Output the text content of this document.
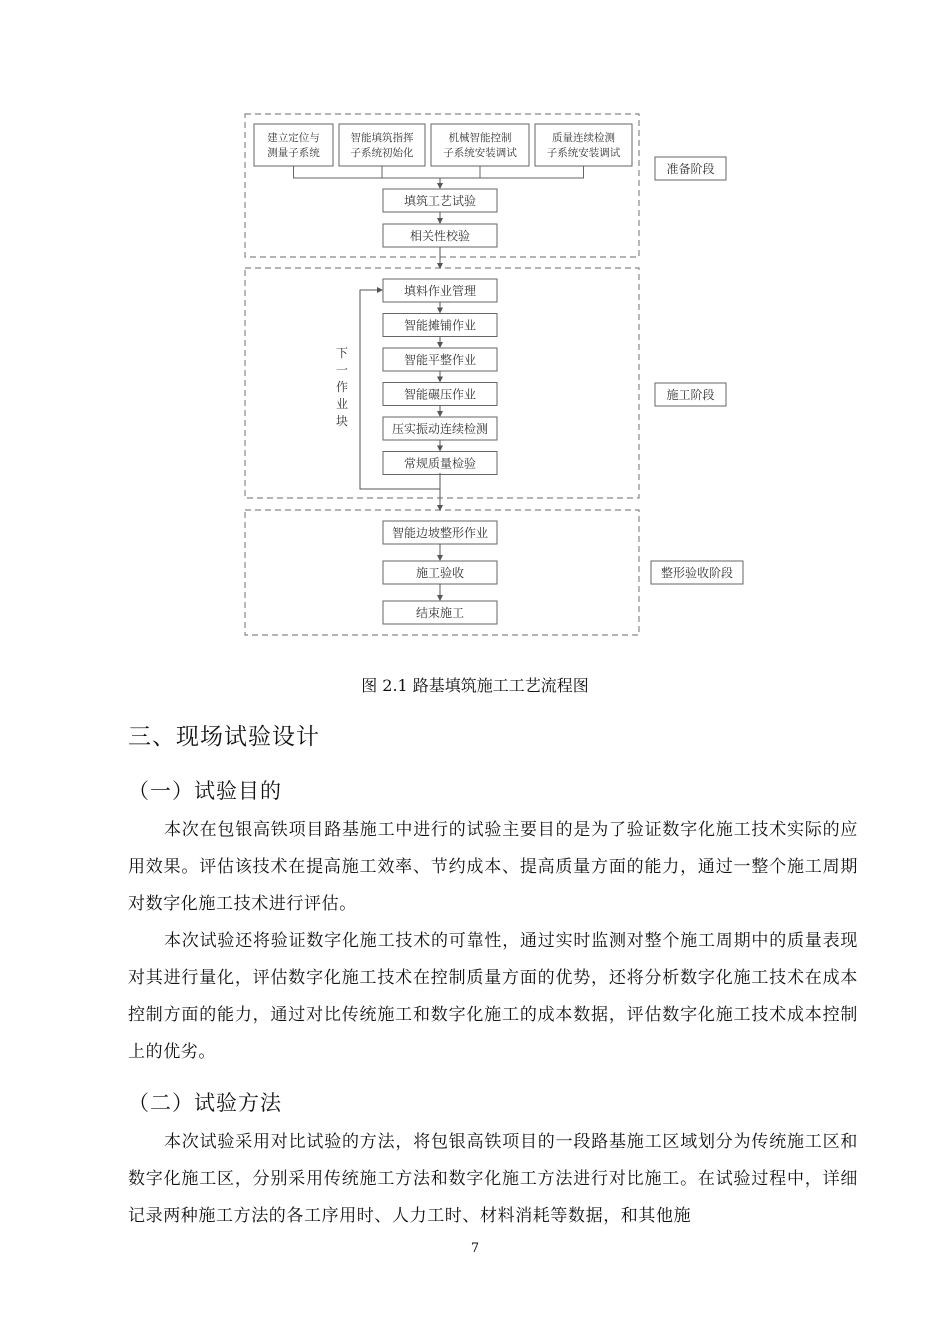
建立定位与
测量子系统
智能填筑指挥
子系统初始化
机械智能控制
子系统安装调试
质量连续检测
子系统安装调试
填筑工艺试验
相关性校验
准备阶段
填料作业管理
智能摊铺作业
智能平整作业
智能碾压作业
压实振动连续检测
常规质量检验
下
一
作
业
块
施工阶段
智能边坡整形作业
施工验收
结束施工
整形验收阶段
图 2.1 路基填筑施工工艺流程图
三、现场试验设计
（一）试验目的

本次在包银高铁项目路基施工中进行的试验主要目的是为了验证数字化施工技术实际的应用效果。评估该技术在提高施工效率、节约成本、提高质量方面的能力，通过一整个施工周期对数字化施工技术进行评估。

本次试验还将验证数字化施工技术的可靠性，通过实时监测对整个施工周期中的质量表现对其进行量化，评估数字化施工技术在控制质量方面的优势，还将分析数字化施工技术在成本控制方面的能力，通过对比传统施工和数字化施工的成本数据，评估数字化施工技术成本控制上的优劣。

（二）试验方法

本次试验采用对比试验的方法，将包银高铁项目的一段路基施工区域划分为传统施工区和数字化施工区，分别采用传统施工方法和数字化施工方法进行对比施工。在试验过程中，详细记录两种施工方法的各工序用时、人力工时、材料消耗等数据，和其他施

7
